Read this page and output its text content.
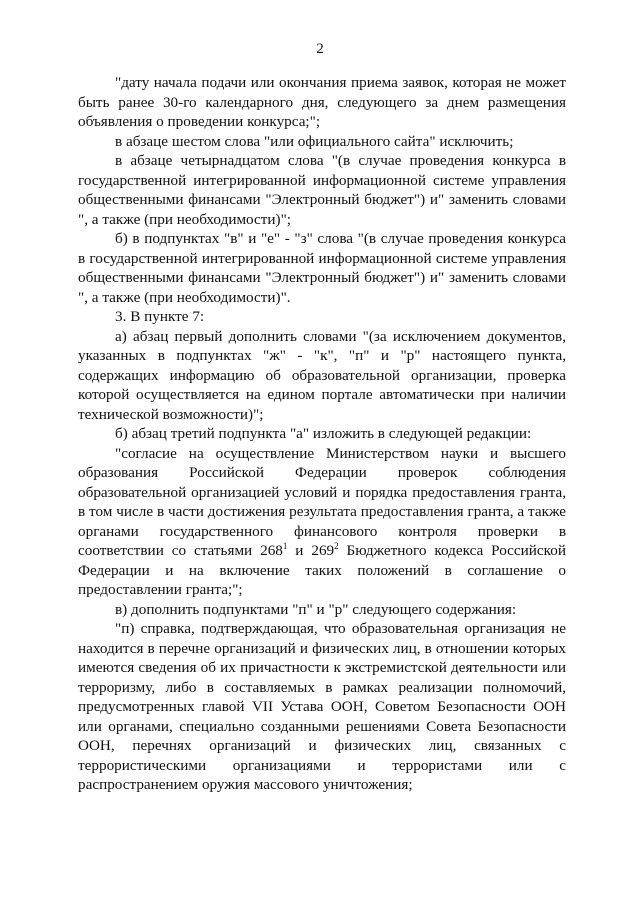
2

"дату начала подачи или окончания приема заявок, которая не может быть ранее 30-го календарного дня, следующего за днем размещения объявления о проведении конкурса;";

в абзаце шестом слова "или официального сайта" исключить;

в абзаце четырнадцатом слова "(в случае проведения конкурса в государственной интегрированной информационной системе управления общественными финансами "Электронный бюджет") и" заменить словами ", а также (при необходимости)";

б) в подпунктах "в" и "е" - "з" слова "(в случае проведения конкурса в государственной интегрированной информационной системе управления общественными финансами "Электронный бюджет") и" заменить словами ", а также (при необходимости)".

3. В пункте 7:

а) абзац первый дополнить словами "(за исключением документов, указанных в подпунктах "ж" - "к", "п" и "р" настоящего пункта, содержащих информацию об образовательной организации, проверка которой осуществляется на едином портале автоматически при наличии технической возможности)";

б) абзац третий подпункта "а" изложить в следующей редакции:

"согласие на осуществление Министерством науки и высшего образования Российской Федерации проверок соблюдения образовательной организацией условий и порядка предоставления гранта, в том числе в части достижения результата предоставления гранта, а также органами государственного финансового контроля проверки в соответствии со статьями $268^1$ и $269^2$ Бюджетного кодекса Российской Федерации и на включение таких положений в соглашение о предоставлении гранта;";

в) дополнить подпунктами "п" и "р" следующего содержания:

"п) справка, подтверждающая, что образовательная организация не находится в перечне организаций и физических лиц, в отношении которых имеются сведения об их причастности к экстремистской деятельности или терроризму, либо в составляемых в рамках реализации полномочий, предусмотренных главой VII Устава ООН, Советом Безопасности ООН или органами, специально созданными решениями Совета Безопасности ООН, перечнях организаций и физических лиц, связанных с террористическими организациями и террористами или с распространением оружия массового уничтожения;
